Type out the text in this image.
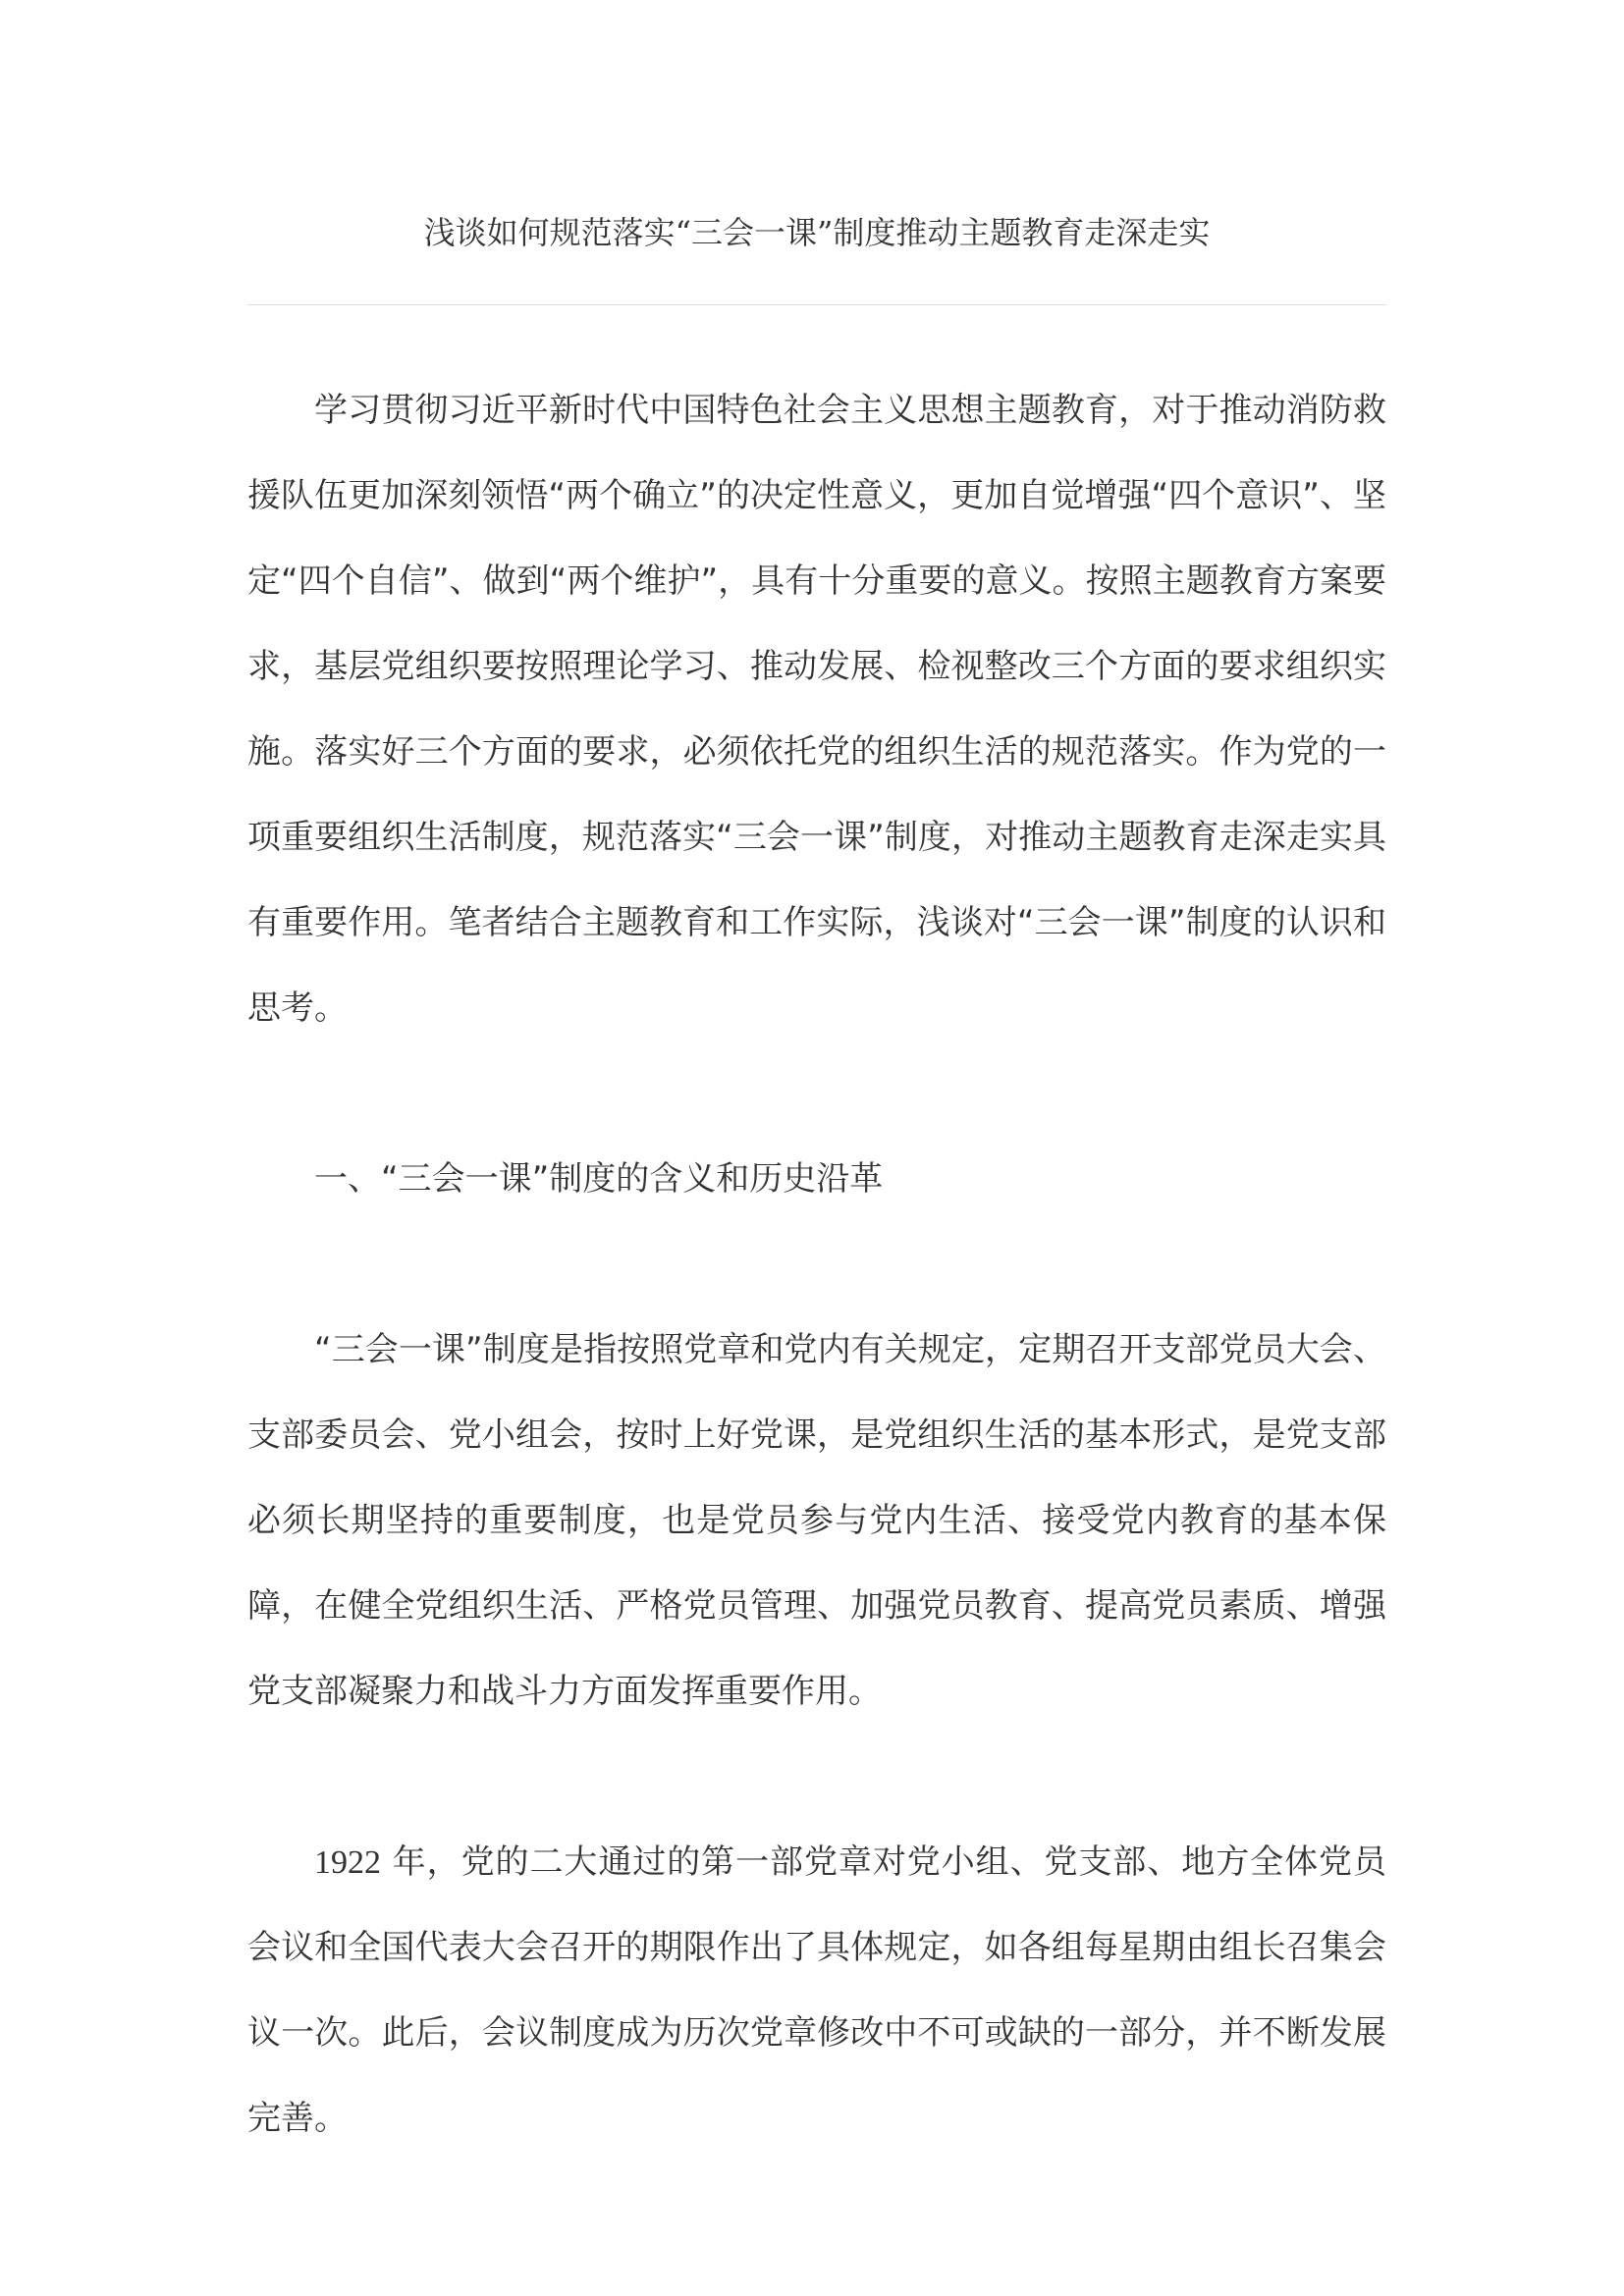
浅谈如何规范落实“三会一课”制度推动主题教育走深走实

学习贯彻习近平新时代中国特色社会主义思想主题教育，对于推动消防救援队伍更加深刻领悟“两个确立”的决定性意义，更加自觉增强“四个意识”、坚定“四个自信”、做到“两个维护”，具有十分重要的意义。按照主题教育方案要求，基层党组织要按照理论学习、推动发展、检视整改三个方面的要求组织实施。落实好三个方面的要求，必须依托党的组织生活的规范落实。作为党的一项重要组织生活制度，规范落实“三会一课”制度，对推动主题教育走深走实具有重要作用。笔者结合主题教育和工作实际，浅谈对“三会一课”制度的认识和思考。

一、“三会一课”制度的含义和历史沿革

“三会一课”制度是指按照党章和党内有关规定，定期召开支部党员大会、支部委员会、党小组会，按时上好党课，是党组织生活的基本形式，是党支部必须长期坚持的重要制度，也是党员参与党内生活、接受党内教育的基本保障，在健全党组织生活、严格党员管理、加强党员教育、提高党员素质、增强党支部凝聚力和战斗力方面发挥重要作用。

1922 年，党的二大通过的第一部党章对党小组、党支部、地方全体党员会议和全国代表大会召开的期限作出了具体规定，如各组每星期由组长召集会议一次。此后，会议制度成为历次党章修改中不可或缺的一部分，并不断发展完善。
